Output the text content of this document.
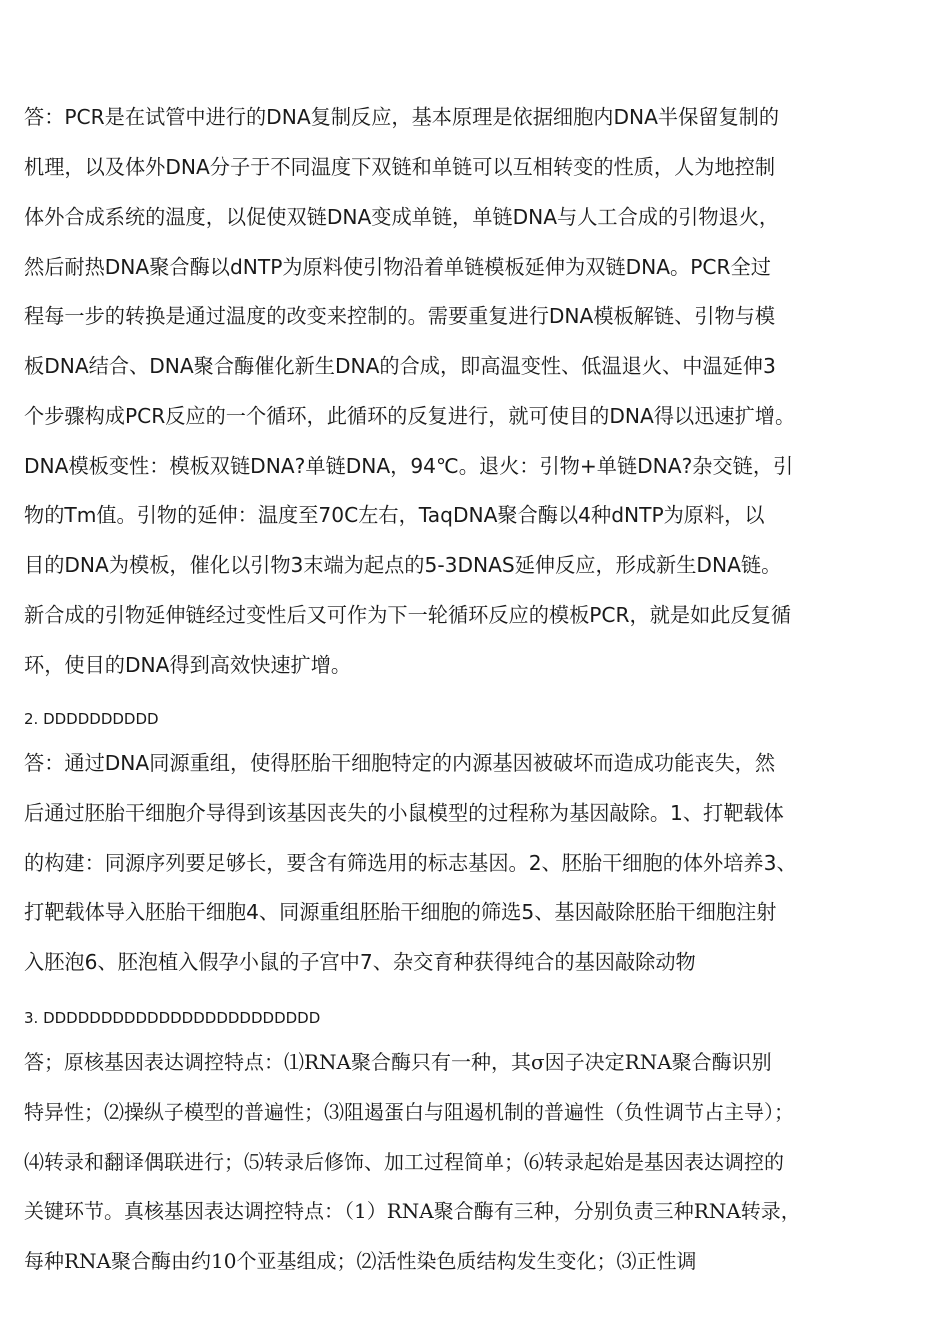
答：PCR是在试管中进行的DNA复制反应，基本原理是依据细胞内DNA半保留复制的
机理，以及体外DNA分子于不同温度下双链和单链可以互相转变的性质，人为地控制
体外合成系统的温度，以促使双链DNA变成单链，单链DNA与人工合成的引物退火，
然后耐热DNA聚合酶以dNTP为原料使引物沿着单链模板延伸为双链DNA。PCR全过
程每一步的转换是通过温度的改变来控制的。需要重复进行DNA模板解链、引物与模
板DNA结合、DNA聚合酶催化新生DNA的合成，即高温变性、低温退火、中温延伸3
个步骤构成PCR反应的一个循环，此循环的反复进行，就可使目的DNA得以迅速扩增。
DNA模板变性：模板双链DNA?单链DNA，94℃。退火：引物+单链DNA?杂交链，引
物的Tm值。引物的延伸：温度至70C左右，TaqDNA聚合酶以4种dNTP为原料，以
目的DNA为模板，催化以引物3末端为起点的5-3DNAS延伸反应，形成新生DNA链。
新合成的引物延伸链经过变性后又可作为下一轮循环反应的模板PCR，就是如此反复循
环，使目的DNA得到高效快速扩增。
2. DDDDDDDDDD
答：通过DNA同源重组，使得胚胎干细胞特定的内源基因被破坏而造成功能丧失，然
后通过胚胎干细胞介导得到该基因丧失的小鼠模型的过程称为基因敲除。1、打靶载体
的构建：同源序列要足够长，要含有筛选用的标志基因。2、胚胎干细胞的体外培养3、
打靶载体导入胚胎干细胞4、同源重组胚胎干细胞的筛选5、基因敲除胚胎干细胞注射
入胚泡6、胚泡植入假孕小鼠的子宫中7、杂交育种获得纯合的基因敲除动物
3. DDDDDDDDDDDDDDDDDDDDDDDD
答；原核基因表达调控特点：⑴RNA聚合酶只有一种，其σ因子决定RNA聚合酶识别
特异性；⑵操纵子模型的普遍性；⑶阻遏蛋白与阻遏机制的普遍性（负性调节占主导）；
⑷转录和翻译偶联进行；⑸转录后修饰、加工过程简单；⑹转录起始是基因表达调控的
关键环节。真核基因表达调控特点：（1）RNA聚合酶有三种，分别负责三种RNA转录，
每种RNA聚合酶由约10个亚基组成；⑵活性染色质结构发生变化；⑶正性调
